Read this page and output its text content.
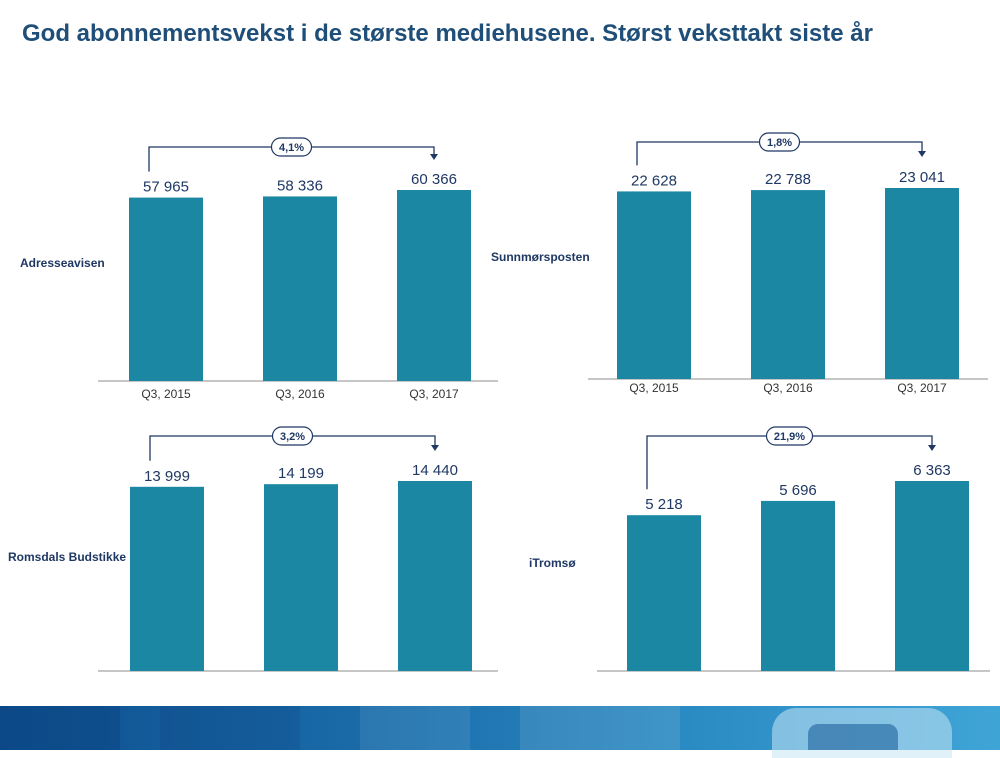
God abonnementsvekst i de største mediehusene. Størst veksttakt siste år
Adresseavisen	Sunnmørsposten
Romsdals Budstikke	iTromsø
57 965
Q3, 2015
58 336
Q3, 2016
60 366
Q3, 2017
4,1%
22 628
Q3, 2015
22 788
Q3, 2016
23 041
Q3, 2017
1,8%
13 999	14 199	14 440
3,2%
5 218
5 696
6 363
21,9%
